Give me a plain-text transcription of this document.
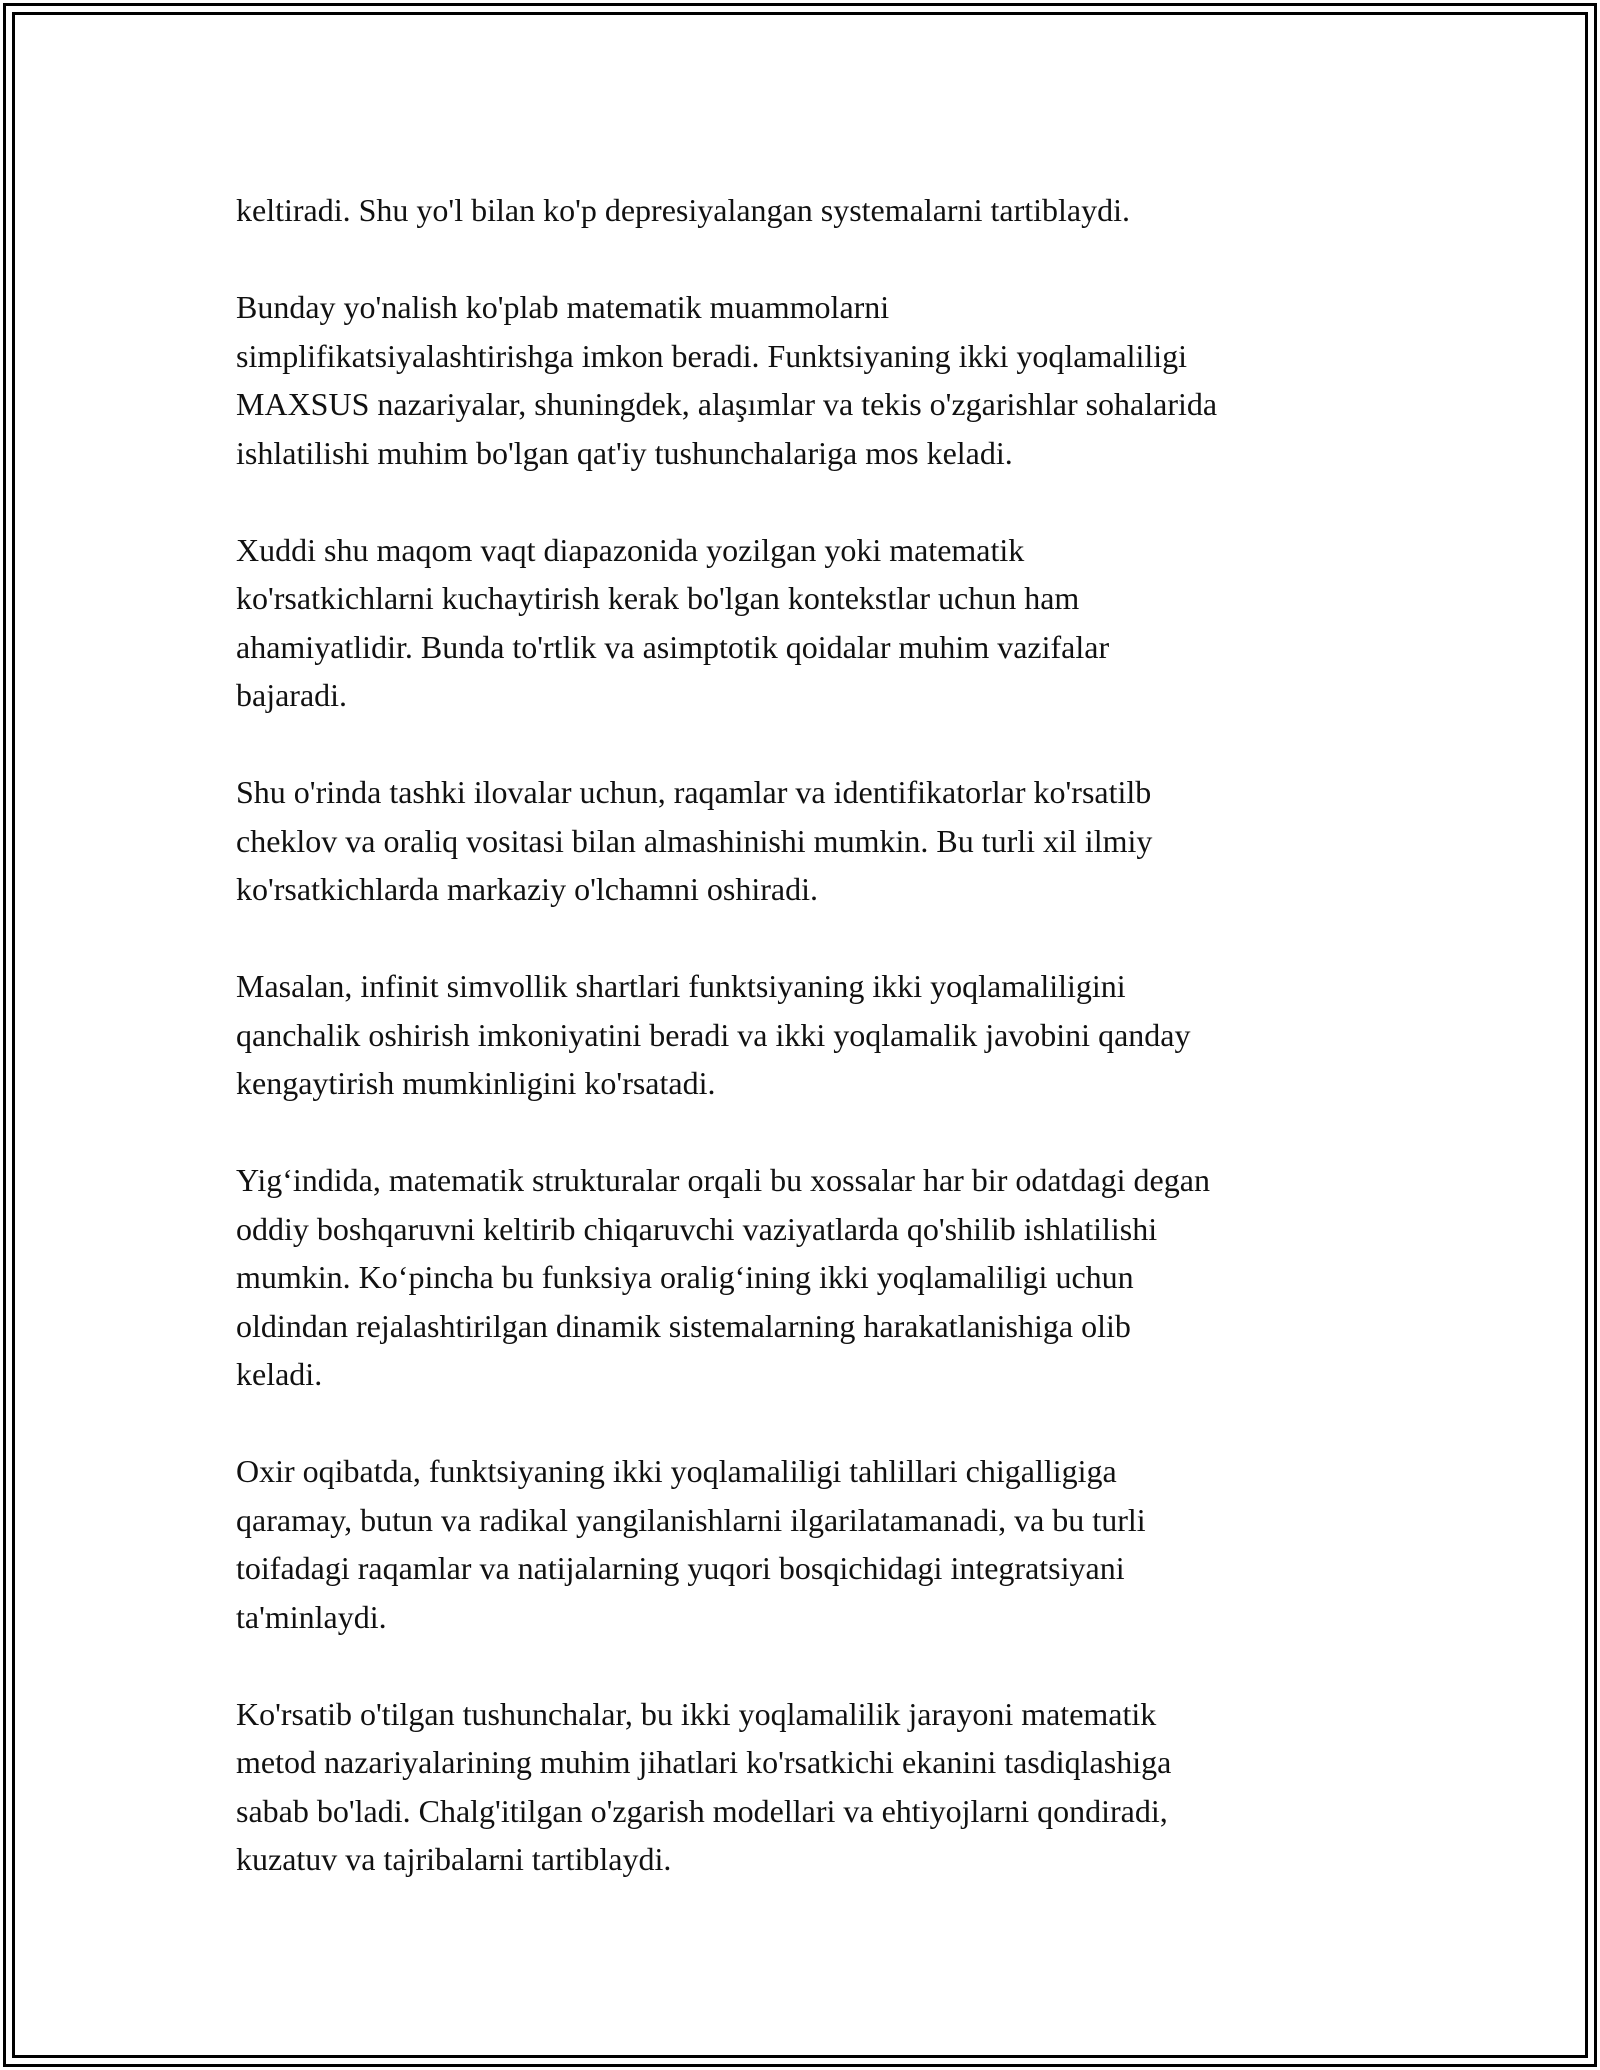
keltiradi. Shu yo'l bilan ko'p depresiyalangan systemalarni tartiblaydi.

Bunday yo'nalish ko'plab matematik muammolarni
simplifikatsiyalashtirishga imkon beradi. Funktsiyaning ikki yoqlamaliligi
MAXSUS nazariyalar, shuningdek, alaşımlar va tekis o'zgarishlar sohalarida
ishlatilishi muhim bo'lgan qat'iy tushunchalariga mos keladi.

Xuddi shu maqom vaqt diapazonida yozilgan yoki matematik
ko'rsatkichlarni kuchaytirish kerak bo'lgan kontekstlar uchun ham
ahamiyatlidir. Bunda to'rtlik va asimptotik qoidalar muhim vazifalar
bajaradi.

Shu o'rinda tashki ilovalar uchun, raqamlar va identifikatorlar ko'rsatilb
cheklov va oraliq vositasi bilan almashinishi mumkin. Bu turli xil ilmiy
ko'rsatkichlarda markaziy o'lchamni oshiradi.

Masalan, infinit simvollik shartlari funktsiyaning ikki yoqlamaliligini
qanchalik oshirish imkoniyatini beradi va ikki yoqlamalik javobini qanday
kengaytirish mumkinligini ko'rsatadi.

Yig‘indida, matematik strukturalar orqali bu xossalar har bir odatdagi degan
oddiy boshqaruvni keltirib chiqaruvchi vaziyatlarda qo'shilib ishlatilishi
mumkin. Ko‘pincha bu funksiya oralig‘ining ikki yoqlamaliligi uchun
oldindan rejalashtirilgan dinamik sistemalarning harakatlanishiga olib
keladi.

Oxir oqibatda, funktsiyaning ikki yoqlamaliligi tahlillari chigalligiga
qaramay, butun va radikal yangilanishlarni ilgarilatamanadi, va bu turli
toifadagi raqamlar va natijalarning yuqori bosqichidagi integratsiyani
ta'minlaydi.

Ko'rsatib o'tilgan tushunchalar, bu ikki yoqlamalilik jarayoni matematik
metod nazariyalarining muhim jihatlari ko'rsatkichi ekanini tasdiqlashiga
sabab bo'ladi. Chalg'itilgan o'zgarish modellari va ehtiyojlarni qondiradi,
kuzatuv va tajribalarni tartiblaydi.
